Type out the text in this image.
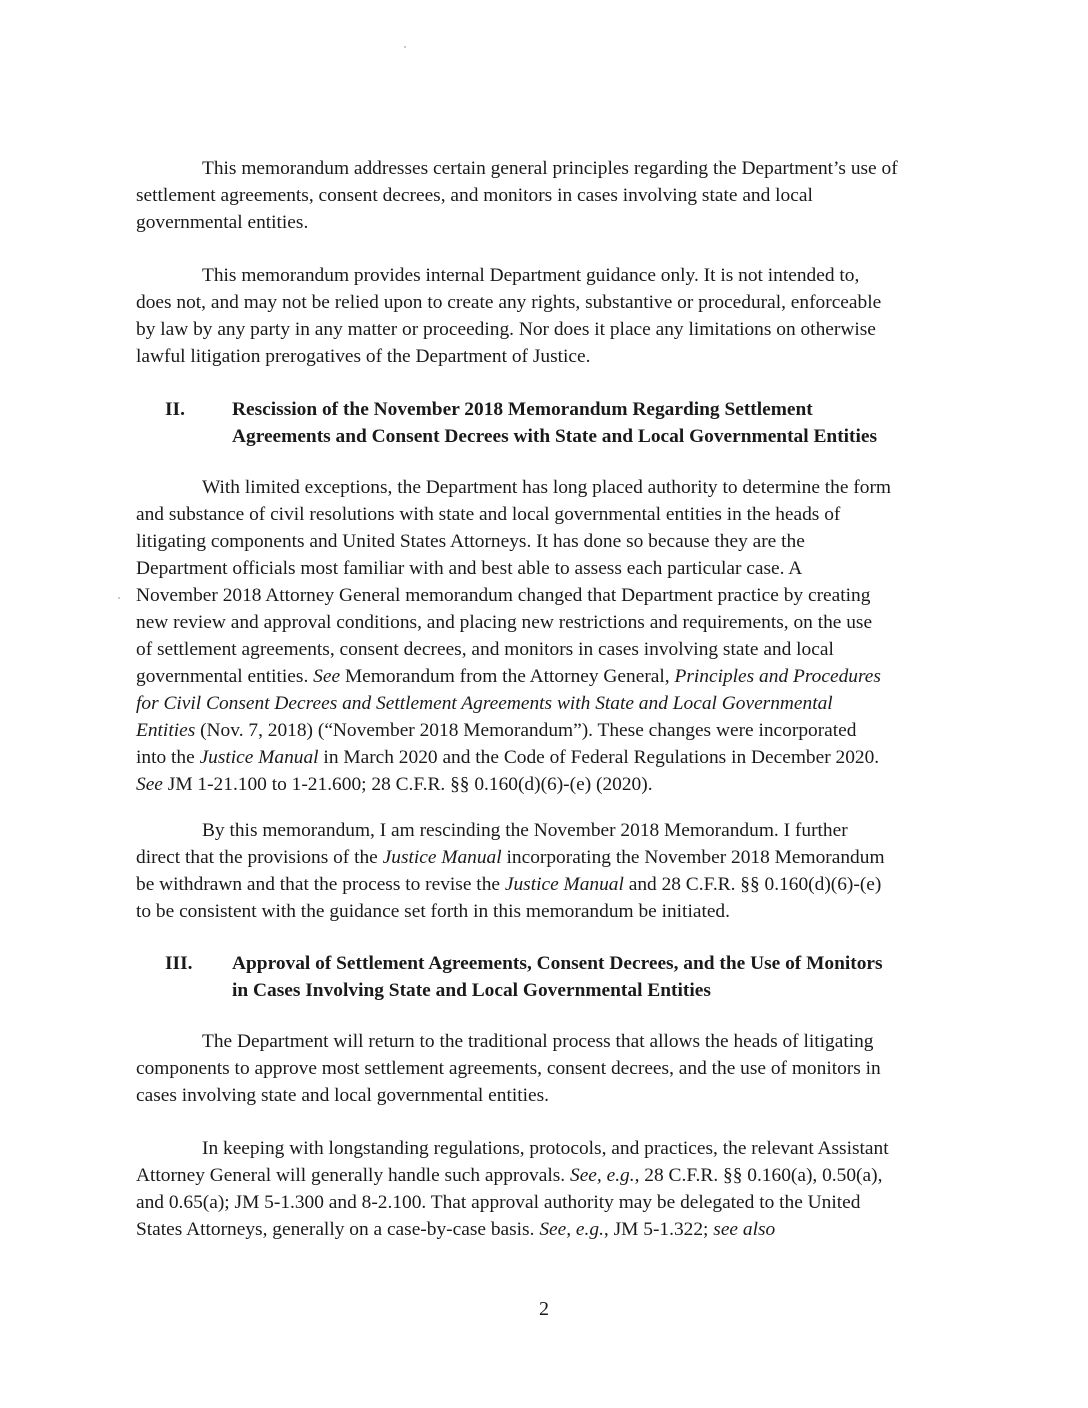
This memorandum addresses certain general principles regarding the Department’s use of
settlement agreements, consent decrees, and monitors in cases involving state and local
governmental entities.

This memorandum provides internal Department guidance only. It is not intended to,
does not, and may not be relied upon to create any rights, substantive or procedural, enforceable
by law by any party in any matter or proceeding. Nor does it place any limitations on otherwise
lawful litigation prerogatives of the Department of Justice.

II. Rescission of the November 2018 Memorandum Regarding Settlement
Agreements and Consent Decrees with State and Local Governmental Entities

With limited exceptions, the Department has long placed authority to determine the form
and substance of civil resolutions with state and local governmental entities in the heads of
litigating components and United States Attorneys. It has done so because they are the
Department officials most familiar with and best able to assess each particular case. A
November 2018 Attorney General memorandum changed that Department practice by creating
new review and approval conditions, and placing new restrictions and requirements, on the use
of settlement agreements, consent decrees, and monitors in cases involving state and local
governmental entities. See Memorandum from the Attorney General, Principles and Procedures
for Civil Consent Decrees and Settlement Agreements with State and Local Governmental
Entities (Nov. 7, 2018) (“November 2018 Memorandum”). These changes were incorporated
into the Justice Manual in March 2020 and the Code of Federal Regulations in December 2020.
See JM 1-21.100 to 1-21.600; 28 C.F.R. §§ 0.160(d)(6)-(e) (2020).

By this memorandum, I am rescinding the November 2018 Memorandum. I further
direct that the provisions of the Justice Manual incorporating the November 2018 Memorandum
be withdrawn and that the process to revise the Justice Manual and 28 C.F.R. §§ 0.160(d)(6)-(e)
to be consistent with the guidance set forth in this memorandum be initiated.

III. Approval of Settlement Agreements, Consent Decrees, and the Use of Monitors
in Cases Involving State and Local Governmental Entities

The Department will return to the traditional process that allows the heads of litigating
components to approve most settlement agreements, consent decrees, and the use of monitors in
cases involving state and local governmental entities.

In keeping with longstanding regulations, protocols, and practices, the relevant Assistant
Attorney General will generally handle such approvals. See, e.g., 28 C.F.R. §§ 0.160(a), 0.50(a),
and 0.65(a); JM 5-1.300 and 8-2.100. That approval authority may be delegated to the United
States Attorneys, generally on a case-by-case basis. See, e.g., JM 5-1.322; see also

2
